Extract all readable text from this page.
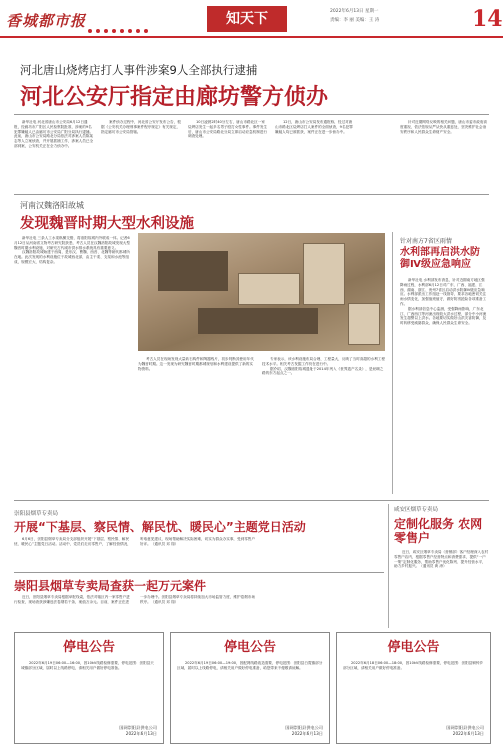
香城都市报	知天下	2022年6月13日 星期一
责编：李 丽 美编：王 涛	14
河北唐山烧烤店打人事件涉案9人全部执行逮捕
河北公安厅指定由廊坊警方侦办

新华社电 河北省唐山市公安局6月12日通报，经廊坊市广阳区人民检察院批准，涉案的9名犯罪嫌疑人已由廊坊市公安局广阳分局执行逮捕。此前，唐山市公安局路北分局依法对涉案人员陈某志等人立案侦查，并开展抓捕工作，涉案人员已全部到案，公安机关正在全力侦办中。

案件侦办过程中，河北省公安厅发布公告，根据《公安机关办理刑事案件程序规定》有关规定，指定廊坊市公安局管辖。

10日凌晨2时40分左右，唐山市路北区一家烧烤店发生一起多名男子殴打女性事件。事件发生后，唐山市公安局路北分局立即启动应急机制进行调查处理。

12日，唐山市公安局发布通报称，经过对唐山市路北区烧烤店打人案件的全面侦查，9名犯罪嫌疑人均已被抓获，案件正在进一步侦办中。

针对近期网络反映的相关问题，唐山市委市政府高度重视，依法依规从严从快从重惩处，坚决维护社会治安秩序和人民群众生命财产安全。

河南汉魏洛阳故城
发现魏晋时期大型水利设施

新华社电 三条人工水渠纵横交错，将洛阳故城内外联成一体。记者6月12日从河南省文物考古研究院获悉，考古人员在汉魏洛阳故城发现大型魏晋时期水利设施，对研究古代城市供水排水系统具有重要意义。

汉魏洛阳故城始建于西周，是东汉、曹魏、西晋、北魏等朝代都城所在地。此次发现的水利设施位于故城西北部，由主干渠、支渠和水池等组成，规模宏大、结构复杂。

考古人员在现场发现大量砖石构件和陶器残片，初步判断其使用年代为魏晋时期。这一发现为研究魏晋时期都城规划和水利建设提供了新的实物资料。

专家表示，该水利设施布局合理、工程量大，反映了当时高超的水利工程技术水平。相关考古发掘工作仍在进行中。

据介绍，汉魏洛阳故城遗址于2014年列入《世界遗产名录》，是丝绸之路的东方起点之一。

针对南方7省区雨情
水利部再启洪水防御Ⅳ级应急响应

新华社电 水利部发布消息，针对近期南方地区强降雨过程，水利部6月12日对广东、广西、福建、江西、湖南、浙江、贵州7省区启动洪水防御Ⅳ级应急响应。水利部派出工作组赴一线指导，要求各地密切关注雨水情变化，加强值班值守，做好防汛抢险各项准备工作。

据水利部信息中心监测，受强降雨影响，广东北江、广西西江等河流出现较大洪水过程，部分中小河流发生超警以上洪水。各地要切实做好山洪灾害防御，及时转移受威胁群众，确保人民群众生命安全。

崇阳县烟草专卖局
开展“下基层、察民情、解民忧、暖民心”主题党日活动

6月6日，崇阳县烟草专卖局分支部组织开展“下基层、察民情、解民忧、暖民心”主题党日活动。活动中，党员们走访零售户，了解经营情况，听取意见建议，现场帮助解决实际困难，切实为群众办实事，受到零售户好评。（通讯员 邓 翔）

咸安区烟草专卖局
定制化服务 农网零售户

近日，咸安区烟草专卖局（营销部）客户经理深入农村零售户店内，根据零售户经营特点和消费需求，提供“一户一策”定制化服务，帮助零售户优化陈列、提升经营水平，助力乡村振兴。（通讯员 黄 涛）

崇阳县烟草专卖局查获一起万元案件

近日，崇阳县烟草专卖局根据举报线索，依法对辖区内一家零售户进行检查，现场查获涉嫌违法卷烟若干条，案值万余元。目前，案件正在进一步办理中。崇阳县烟草专卖局将持续加大市场监管力度，维护卷烟市场秩序。（通讯员 邓 翔）

停电公告

2022年6月19日06:00—16:00，因10kV线路检修需要，停电范围：崇阳县天城镇部分区域，届时以上线路停电，请相关用户做好停电准备。

国网崇阳县供电公司
2022年6月13日
停电公告

2022年6月19日06:00—19:00，因配网线路改造需要，停电范围：崇阳县白霓镇部分区域，届时以上线路停电，请相关用户做好停电准备，给您带来不便敬请谅解。

国网崇阳县供电公司
2022年6月13日
停电公告

2022年6月18日06:00—18:00，因10kV线路检修需要，停电范围：崇阳县铜钟乡部分区域，请相关用户做好停电准备。

国网崇阳县供电公司
2022年6月13日
